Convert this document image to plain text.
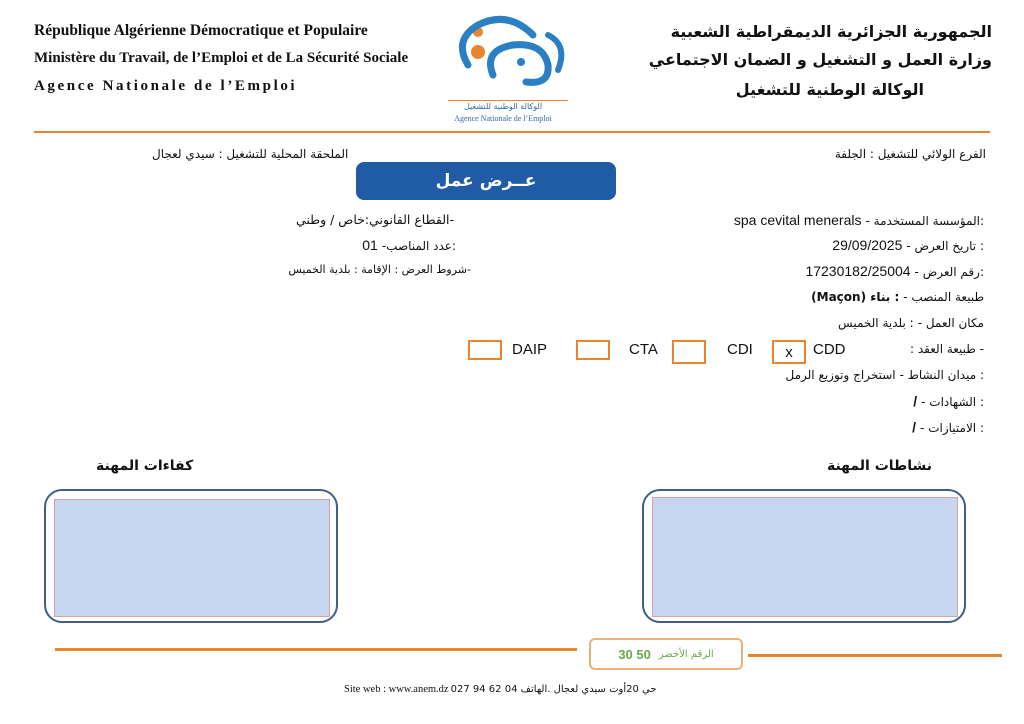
République Algérienne Démocratique et Populaire
Ministère du Travail, de l’Emploi et de La Sécurité Sociale
Agence Nationale de l’Emploi
الجمهورية الجزائرية الديمقراطية الشعبية
وزارة العمل و التشغيل و الضمان الاجتماعي
الوكالة الوطنية للتشغيل
الوكالة الوطنية للتشغيل
Agence Nationale de l’Emploi
الفرع الولائي للتشغيل : الجلفة
الملحقة المحلية للتشغيل : سيدي لعجال
عــرض عمل
- المؤسسة المستخدمة:
spa cevital menerals
- تاريخ العرض :
29/09/2025
- رقم العرض:
17230182/25004
- طبيعة المنصب
: بناء (Maçon)
- مكان العمل
: بلدية الخميس
-القطاع القانوني:خاص / وطني
-عدد المناصب:
01
-شروط العرض : الإقامة : بلدية الخميس
- طبيعة العقد :
x CDD
CDI
CTA
DAIP
- ميدان النشاط :
استخراج وتوزيع الرمل
- الشهادات :
/
- الامتيازات :
/
نشاطات المهنة
كفاءات المهنة
الرقم الأخضر
30 50
Site web : www.anem.dz حي 20أوت سيدي لعجال .الهاتف 04 62 94 027
